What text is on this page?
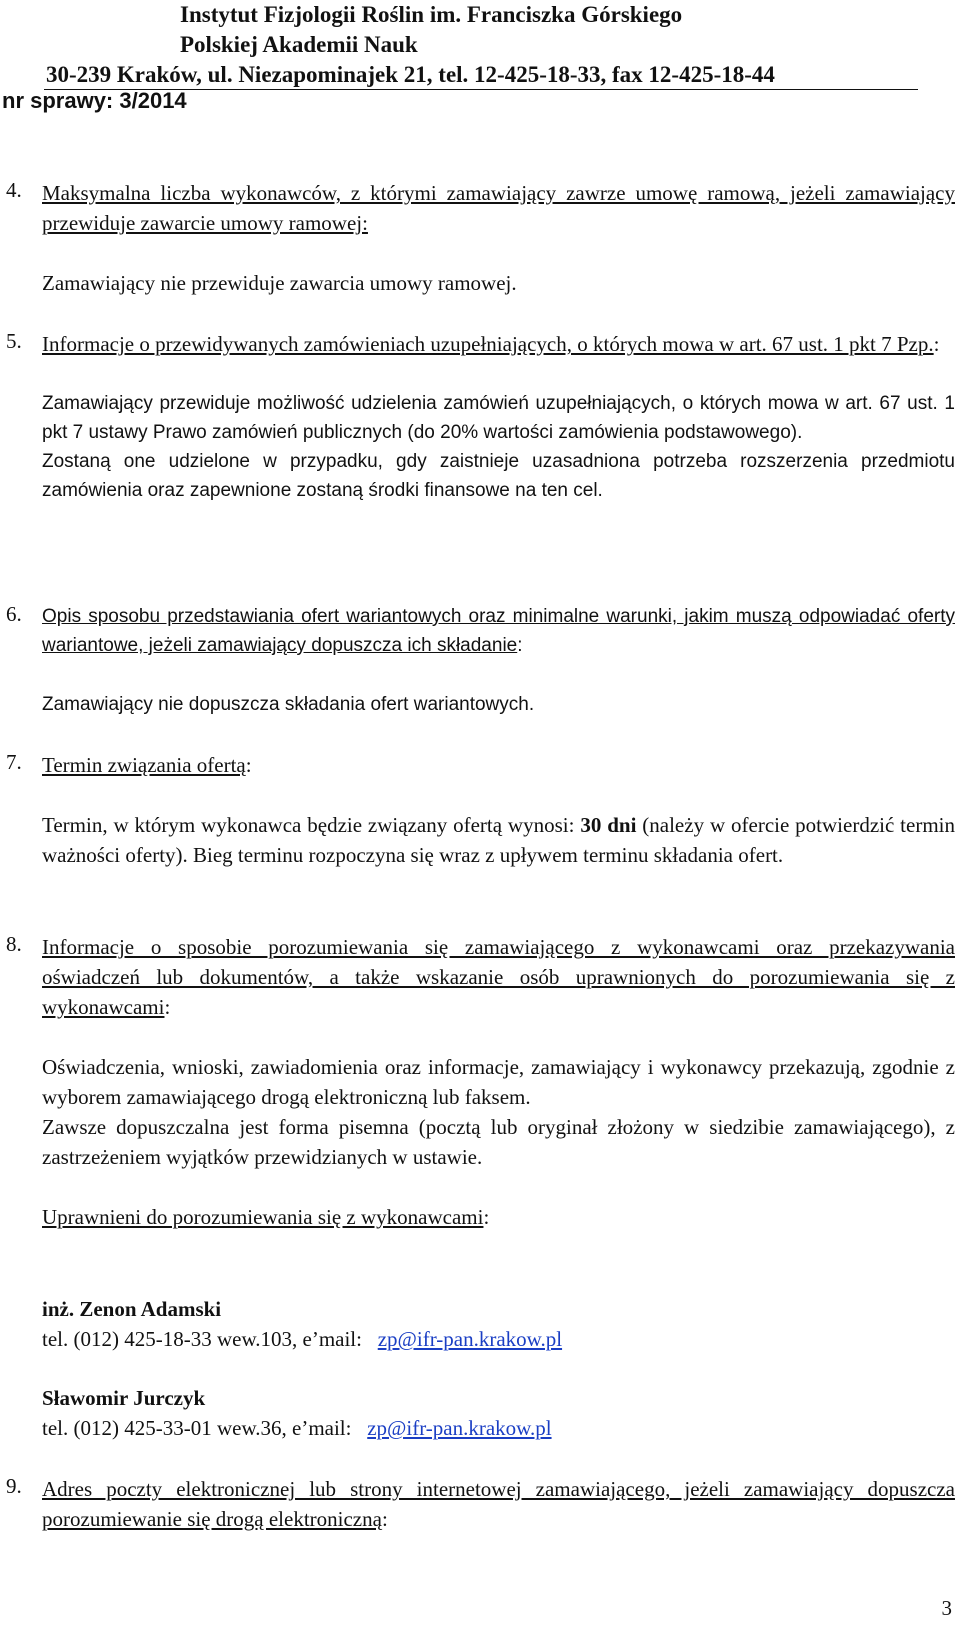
Instytut Fizjologii Roślin im. Franciszka Górskiego
Polskiej Akademii Nauk
30-239 Kraków, ul. Niezapominajek 21, tel. 12-425-18-33, fax 12-425-18-44
nr sprawy: 3/2014
4. Maksymalna liczba wykonawców, z którymi zamawiający zawrze umowę ramową, jeżeli zamawiający przewiduje zawarcie umowy ramowej:
Zamawiający nie przewiduje zawarcia umowy ramowej.
5. Informacje o przewidywanych zamówieniach uzupełniających, o których mowa w art. 67 ust. 1 pkt 7 Pzp.:
Zamawiający przewiduje możliwość udzielenia zamówień uzupełniających, o których mowa w art. 67 ust. 1 pkt 7 ustawy Prawo zamówień publicznych (do 20% wartości zamówienia podstawowego).
Zostaną one udzielone w przypadku, gdy zaistnieje uzasadniona potrzeba rozszerzenia przedmiotu zamówienia oraz zapewnione zostaną środki finansowe na ten cel.
6. Opis sposobu przedstawiania ofert wariantowych oraz minimalne warunki, jakim muszą odpowiadać oferty wariantowe, jeżeli zamawiający dopuszcza ich składanie:
Zamawiający nie dopuszcza składania ofert wariantowych.
7. Termin związania ofertą:
Termin, w którym wykonawca będzie związany ofertą wynosi: 30 dni (należy w ofercie potwierdzić termin ważności oferty). Bieg terminu rozpoczyna się wraz z upływem terminu składania ofert.
8. Informacje o sposobie porozumiewania się zamawiającego z wykonawcami oraz przekazywania oświadczeń lub dokumentów, a także wskazanie osób uprawnionych do porozumiewania się z wykonawcami:
Oświadczenia, wnioski, zawiadomienia oraz informacje, zamawiający i wykonawcy przekazują, zgodnie z wyborem zamawiającego drogą elektroniczną lub faksem.
Zawsze dopuszczalna jest forma pisemna (pocztą lub oryginał złożony w siedzibie zamawiającego), z zastrzeżeniem wyjątków przewidzianych w ustawie.
Uprawnieni do porozumiewania się z wykonawcami:
inż. Zenon Adamski
tel. (012) 425-18-33 wew.103, e’mail: zp@ifr-pan.krakow.pl
Sławomir Jurczyk
tel. (012) 425-33-01 wew.36, e’mail: zp@ifr-pan.krakow.pl
9. Adres poczty elektronicznej lub strony internetowej zamawiającego, jeżeli zamawiający dopuszcza porozumiewanie się drogą elektroniczną:
3
